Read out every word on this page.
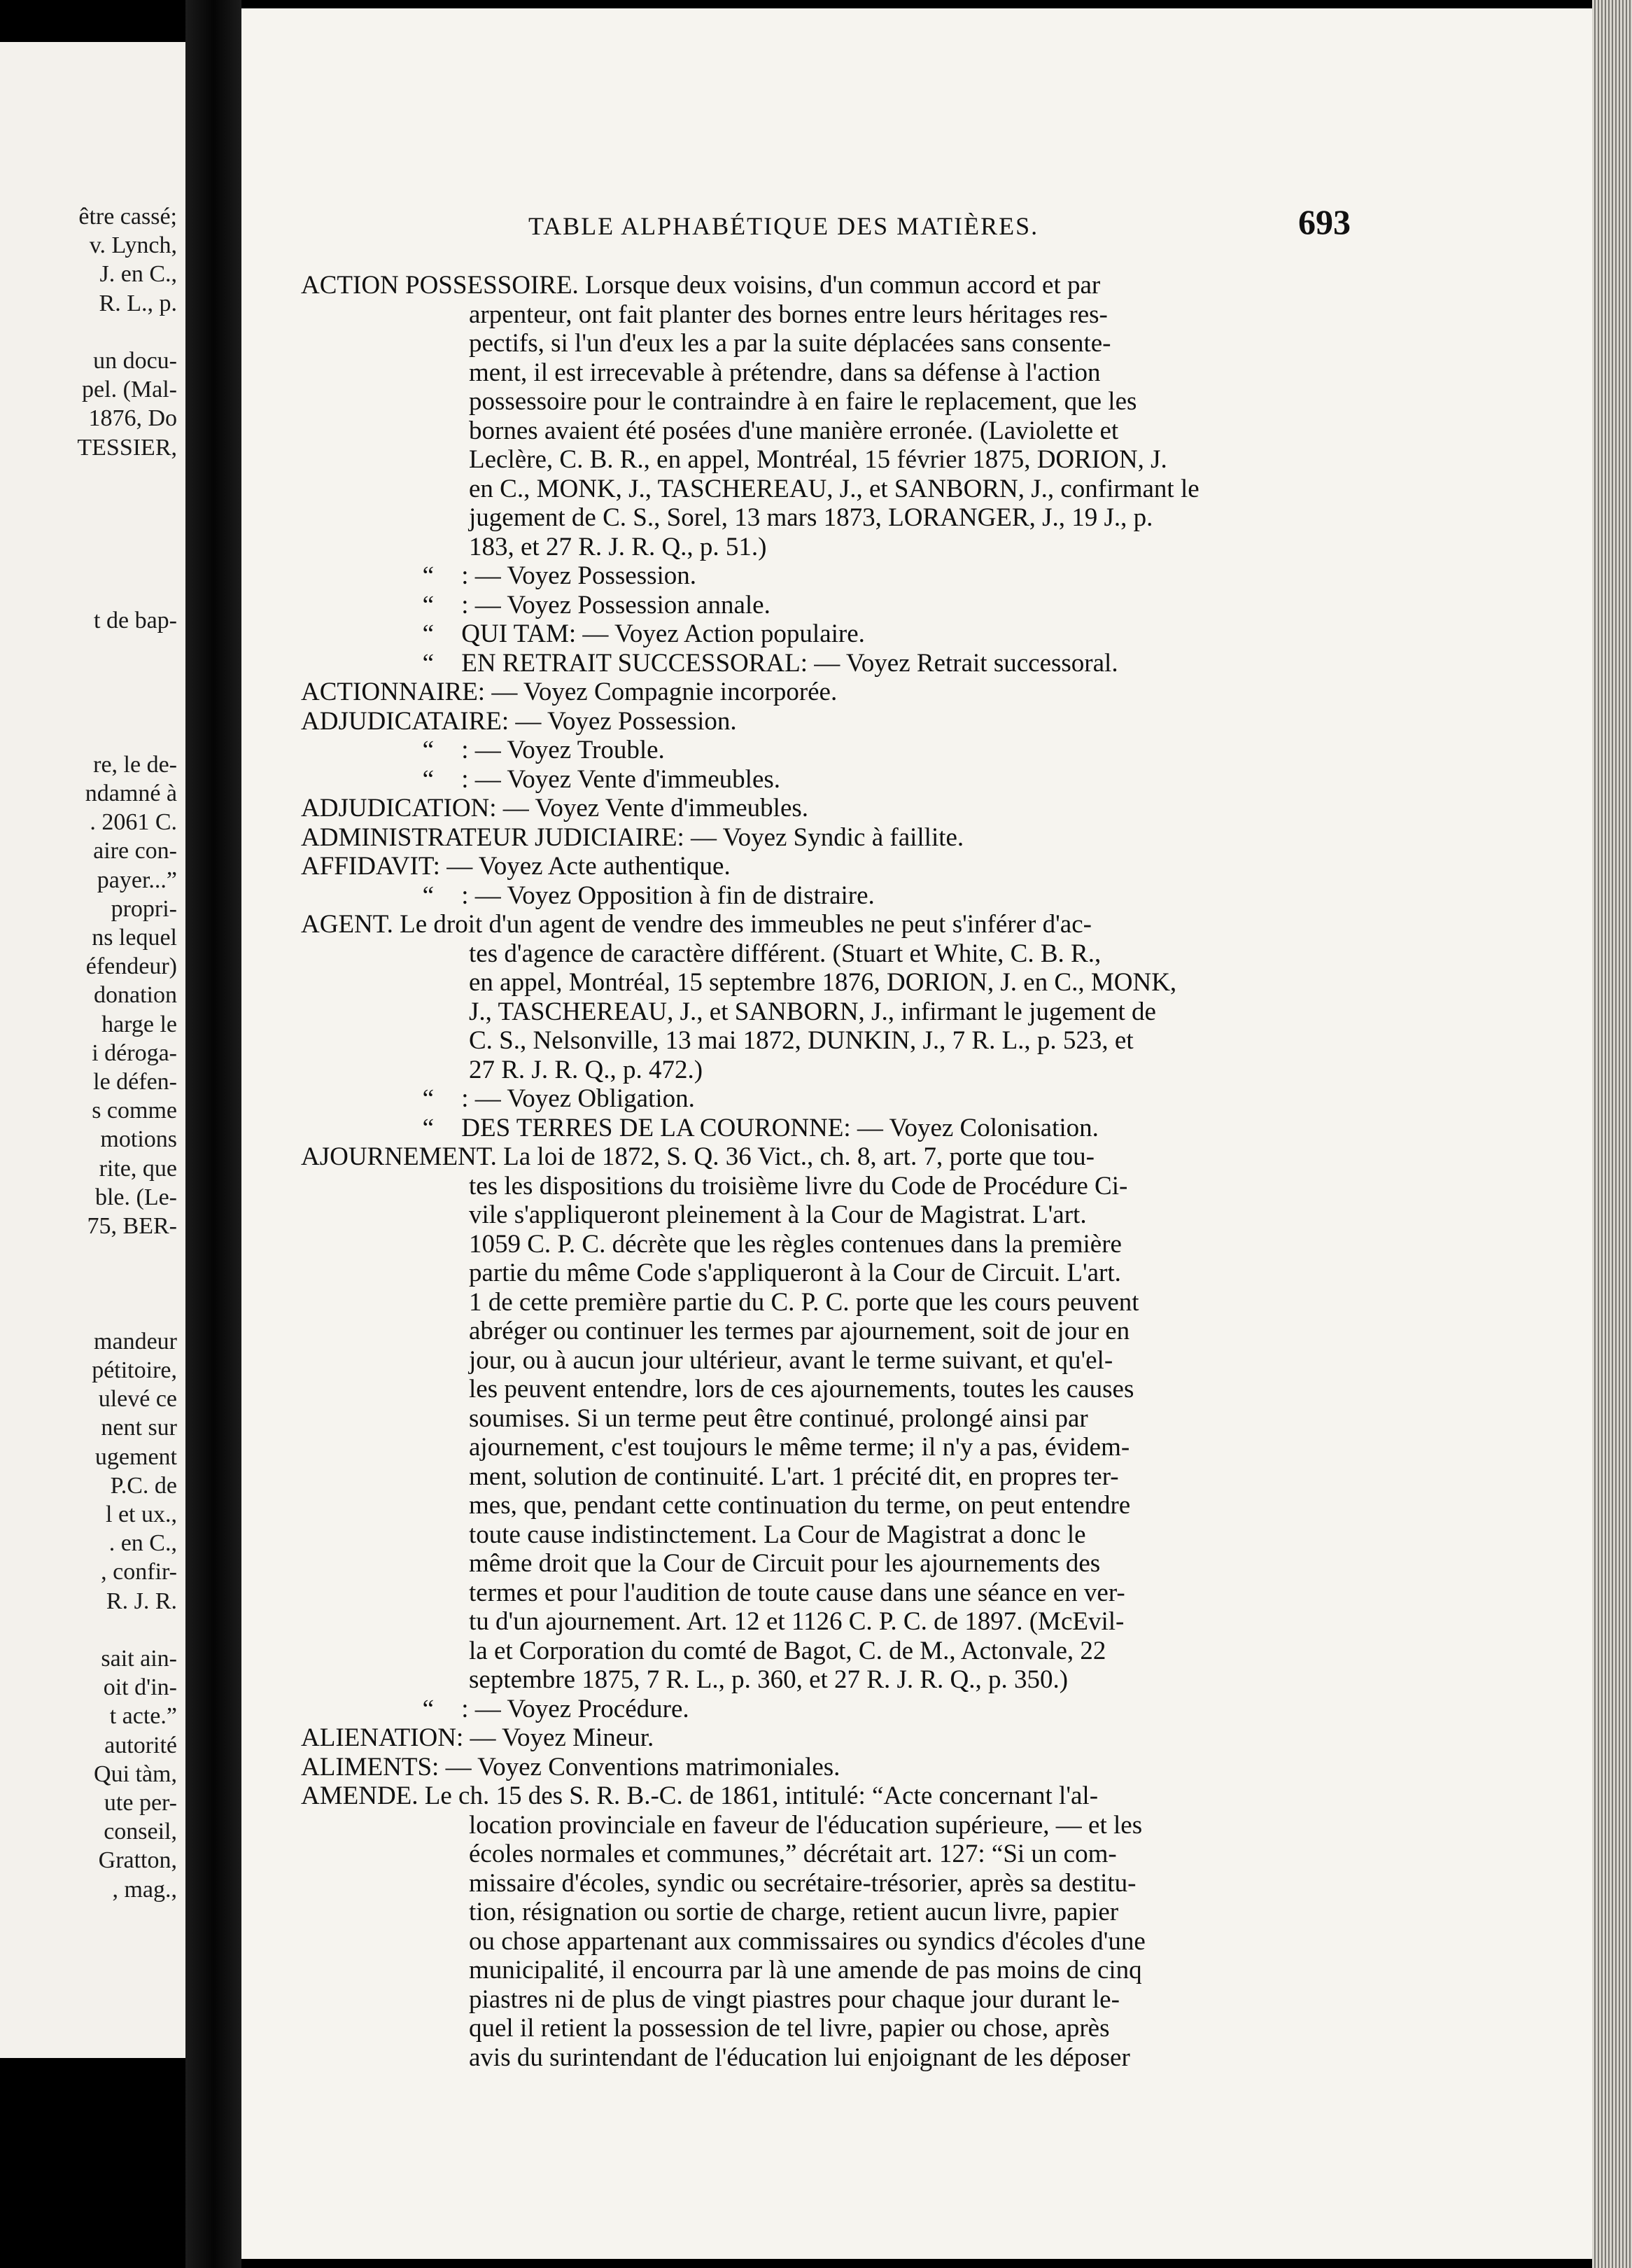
être cassé;
v. Lynch,
J. en C.,
R. L., p.
un docu-
pel. (Mal-
1876, Do
TESSIER,
t de bap-
re, le de-
ndamné à
. 2061 C.
aire con-
payer...”
propri-
ns lequel
éfendeur)
donation
harge le
i déroga-
le défen-
s comme
motions
rite, que
ble. (Le-
75, BER-
mandeur
pétitoire,
ulevé ce
nent sur
ugement
P.C. de
l et ux.,
. en C.,
, confir-
R. J. R.
sait ain-
oit d'in-
t acte.”
autorité
Qui tàm,
ute per-
conseil,
Gratton,
, mag.,
TABLE ALPHABÉTIQUE DES MATIÈRES.	693
ACTION POSSESSOIRE. Lorsque deux voisins, d'un commun accord et par
arpenteur, ont fait planter des bornes entre leurs héritages res-
pectifs, si l'un d'eux les a par la suite déplacées sans consente-
ment, il est irrecevable à prétendre, dans sa défense à l'action
possessoire pour le contraindre à en faire le replacement, que les
bornes avaient été posées d'une manière erronée. (Laviolette et
Leclère, C. B. R., en appel, Montréal, 15 février 1875, DORION, J.
en C., MONK, J., TASCHEREAU, J., et SANBORN, J., confirmant le
jugement de C. S., Sorel, 13 mars 1873, LORANGER, J., 19 J., p.
183, et 27 R. J. R. Q., p. 51.)
“ : — Voyez Possession.
“ : — Voyez Possession annale.
“ QUI TAM: — Voyez Action populaire.
“ EN RETRAIT SUCCESSORAL: — Voyez Retrait successoral.
ACTIONNAIRE: — Voyez Compagnie incorporée.
ADJUDICATAIRE: — Voyez Possession.
“ : — Voyez Trouble.
“ : — Voyez Vente d'immeubles.
ADJUDICATION: — Voyez Vente d'immeubles.
ADMINISTRATEUR JUDICIAIRE: — Voyez Syndic à faillite.
AFFIDAVIT: — Voyez Acte authentique.
“ : — Voyez Opposition à fin de distraire.
AGENT. Le droit d'un agent de vendre des immeubles ne peut s'inférer d'ac-
tes d'agence de caractère différent. (Stuart et White, C. B. R.,
en appel, Montréal, 15 septembre 1876, DORION, J. en C., MONK,
J., TASCHEREAU, J., et SANBORN, J., infirmant le jugement de
C. S., Nelsonville, 13 mai 1872, DUNKIN, J., 7 R. L., p. 523, et
27 R. J. R. Q., p. 472.)
“ : — Voyez Obligation.
“ DES TERRES DE LA COURONNE: — Voyez Colonisation.
AJOURNEMENT. La loi de 1872, S. Q. 36 Vict., ch. 8, art. 7, porte que tou-
tes les dispositions du troisième livre du Code de Procédure Ci-
vile s'appliqueront pleinement à la Cour de Magistrat. L'art.
1059 C. P. C. décrète que les règles contenues dans la première
partie du même Code s'appliqueront à la Cour de Circuit. L'art.
1 de cette première partie du C. P. C. porte que les cours peuvent
abréger ou continuer les termes par ajournement, soit de jour en
jour, ou à aucun jour ultérieur, avant le terme suivant, et qu'el-
les peuvent entendre, lors de ces ajournements, toutes les causes
soumises. Si un terme peut être continué, prolongé ainsi par
ajournement, c'est toujours le même terme; il n'y a pas, évidem-
ment, solution de continuité. L'art. 1 précité dit, en propres ter-
mes, que, pendant cette continuation du terme, on peut entendre
toute cause indistinctement. La Cour de Magistrat a donc le
même droit que la Cour de Circuit pour les ajournements des
termes et pour l'audition de toute cause dans une séance en ver-
tu d'un ajournement. Art. 12 et 1126 C. P. C. de 1897. (McEvil-
la et Corporation du comté de Bagot, C. de M., Actonvale, 22
septembre 1875, 7 R. L., p. 360, et 27 R. J. R. Q., p. 350.)
“ : — Voyez Procédure.
ALIENATION: — Voyez Mineur.
ALIMENTS: — Voyez Conventions matrimoniales.
AMENDE. Le ch. 15 des S. R. B.-C. de 1861, intitulé: “Acte concernant l'al-
location provinciale en faveur de l'éducation supérieure, — et les
écoles normales et communes,” décrétait art. 127: “Si un com-
missaire d'écoles, syndic ou secrétaire-trésorier, après sa destitu-
tion, résignation ou sortie de charge, retient aucun livre, papier
ou chose appartenant aux commissaires ou syndics d'écoles d'une
municipalité, il encourra par là une amende de pas moins de cinq
piastres ni de plus de vingt piastres pour chaque jour durant le-
quel il retient la possession de tel livre, papier ou chose, après
avis du surintendant de l'éducation lui enjoignant de les déposer
